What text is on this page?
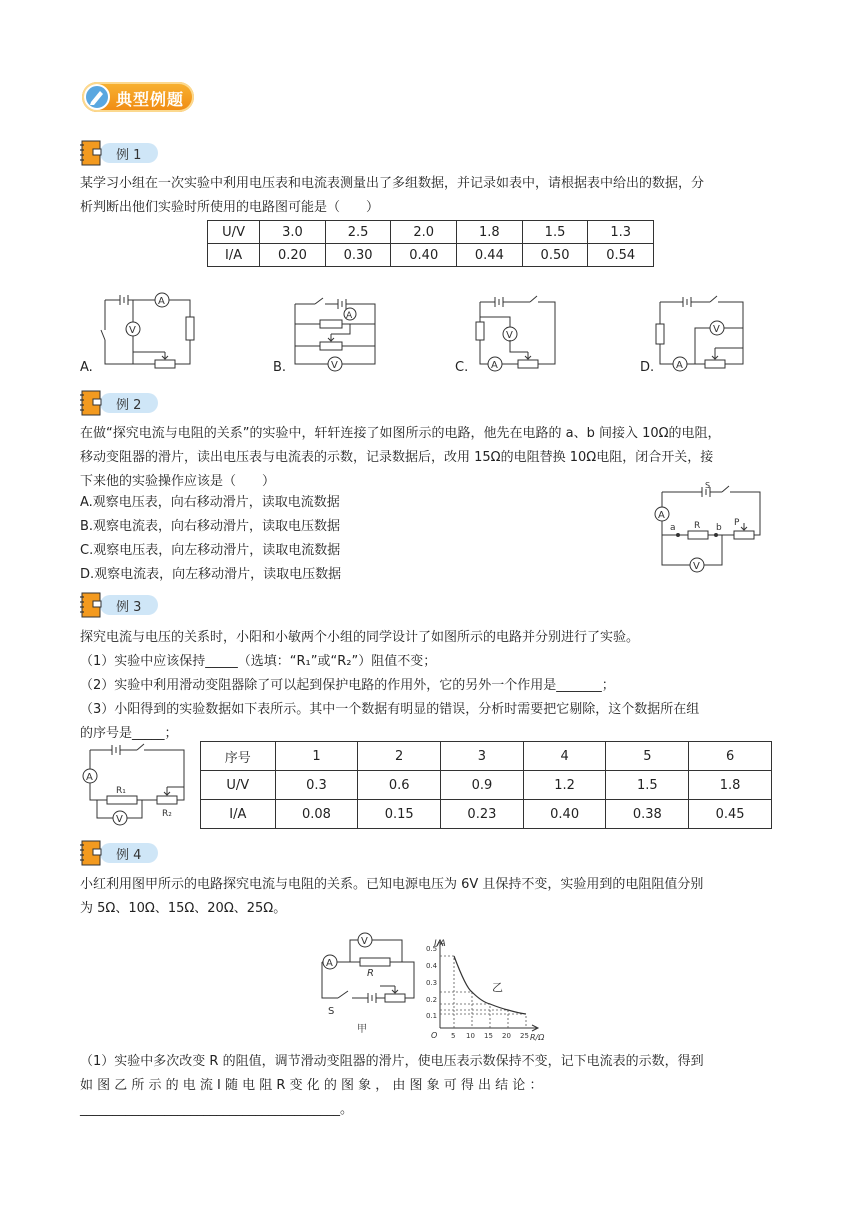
典型例题
例 1

某学习小组在一次实验中利用电压表和电流表测量出了多组数据，并记录如表中，请根据表中给出的数据，分

析判断出他们实验时所使用的电路图可能是（　　）

U/V	3.0	2.5	2.0	1.8	1.5	1.3
I/A	0.20	0.30	0.40	0.44	0.50	0.54
A
V
A.	V
A
B.	A
V
C.	A
V
D.
例 2

在做“探究电流与电阻的关系”的实验中，轩轩连接了如图所示的电路，他先在电路的 a、b 间接入 10Ω的电阻，

移动变阻器的滑片，读出电压表与电流表的示数，记录数据后，改用 15Ω的电阻替换 10Ω电阻，闭合开关，接

下来他的实验操作应该是（　　）

A.观察电压表，向右移动滑片，读取电流数据

B.观察电流表，向右移动滑片，读取电压数据

C.观察电压表，向左移动滑片，读取电流数据

D.观察电流表，向左移动滑片，读取电压数据

S
A
a R b P
V
例 3

探究电流与电压的关系时，小阳和小敏两个小组的同学设计了如图所示的电路并分别进行了实验。

（1）实验中应该保持_____（选填：“R₁”或“R₂”）阻值不变；

（2）实验中利用滑动变阻器除了可以起到保护电路的作用外，它的另外一个作用是_______；

（3）小阳得到的实验数据如下表所示。其中一个数据有明显的错误，分析时需要把它剔除，这个数据所在组

的序号是_____；

A
R₁
R₂
V
序号	1	2	3	4	5	6
U/V	0.3	0.6	0.9	1.2	1.5	1.8
I/A	0.08	0.15	0.23	0.40	0.38	0.45
例 4

小红利用图甲所示的电路探究电流与电阻的关系。已知电源电压为 6V 且保持不变，实验用到的电阻阻值分别

为 5Ω、10Ω、15Ω、20Ω、25Ω。

A
V
R
S
甲
I/A
R/Ω
O
乙
0.1
0.2
0.3
0.4
0.5
5 10 15 20 25

（1）实验中多次改变 R 的阻值，调节滑动变阻器的滑片，使电压表示数保持不变，记下电流表的示数，得到

如 图 乙 所 示 的 电 流 I 随 电 阻 R 变 化 的 图 象 ， 由 图 象 可 得 出 结 论 ：

________________________________________。
